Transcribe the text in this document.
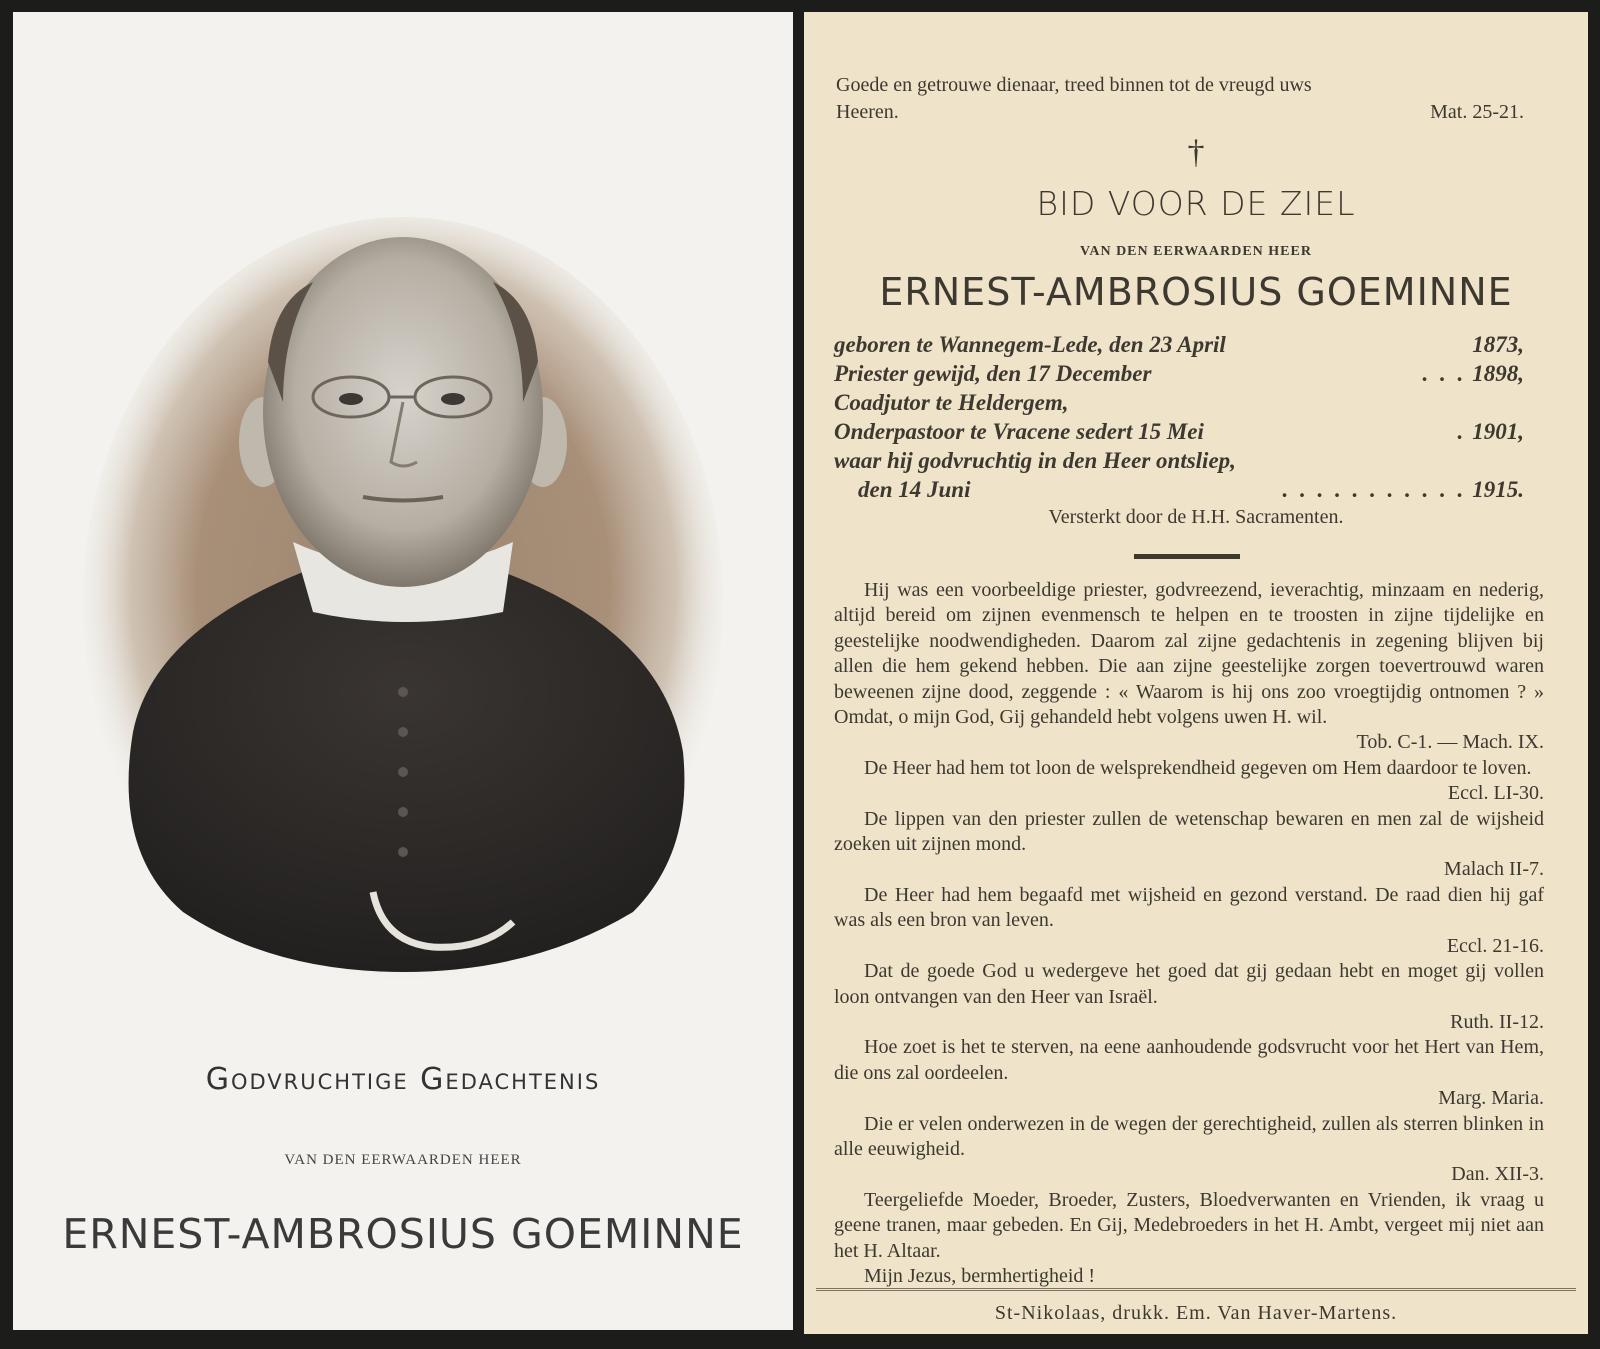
Godvruchtige Gedachtenis
VAN DEN EERWAARDEN HEER
ERNEST-AMBROSIUS GOEMINNE
Goede en getrouwe dienaar, treed binnen tot de vreugd uws
Heeren.	Mat. 25-21.
†
BID VOOR DE ZIEL
VAN DEN EERWAARDEN HEER
ERNEST-AMBROSIUS GOEMINNE
geboren te Wannegem-Lede, den 23 April	1873,
Priester gewijd, den 17 December	. . . 1898,
Coadjutor te Heldergem,
Onderpastoor te Vracene sedert 15 Mei	. 1901,
waar hij godvruchtig in den Heer ontsliep,
den 14 Juni	. . . . . . . . . . . 1915.
Versterkt door de H.H. Sacramenten.

Hij was een voorbeeldige priester, godvreezend, ieverachtig, minzaam en nederig, altijd bereid om zijnen evenmensch te helpen en te troosten in zijne tijdelijke en geestelijke noodwendigheden. Daarom zal zijne gedachtenis in zegening blijven bij allen die hem gekend hebben. Die aan zijne geestelijke zorgen toevertrouwd waren beweenen zijne dood, zeggende : « Waarom is hij ons zoo vroegtijdig ontnomen ? » Omdat, o mijn God, Gij gehandeld hebt volgens uwen H. wil.

Tob. C-1. — Mach. IX.

De Heer had hem tot loon de welsprekendheid gegeven om Hem daardoor te loven.

Eccl. LI-30.

De lippen van den priester zullen de wetenschap bewaren en men zal de wijsheid zoeken uit zijnen mond.

Malach II-7.

De Heer had hem begaafd met wijsheid en gezond verstand. De raad dien hij gaf was als een bron van leven.

Eccl. 21-16.

Dat de goede God u wedergeve het goed dat gij gedaan hebt en moget gij vollen loon ontvangen van den Heer van Israël.

Ruth. II-12.

Hoe zoet is het te sterven, na eene aanhoudende godsvrucht voor het Hert van Hem, die ons zal oordeelen.

Marg. Maria.

Die er velen onderwezen in de wegen der gerechtigheid, zullen als sterren blinken in alle eeuwigheid.

Dan. XII-3.

Teergeliefde Moeder, Broeder, Zusters, Bloedverwanten en Vrienden, ik vraag u geene tranen, maar gebeden. En Gij, Medebroeders in het H. Ambt, vergeet mij niet aan het H. Altaar.

Mijn Jezus, bermhertigheid !

St-Nikolaas, drukk. Em. Van Haver-Martens.
